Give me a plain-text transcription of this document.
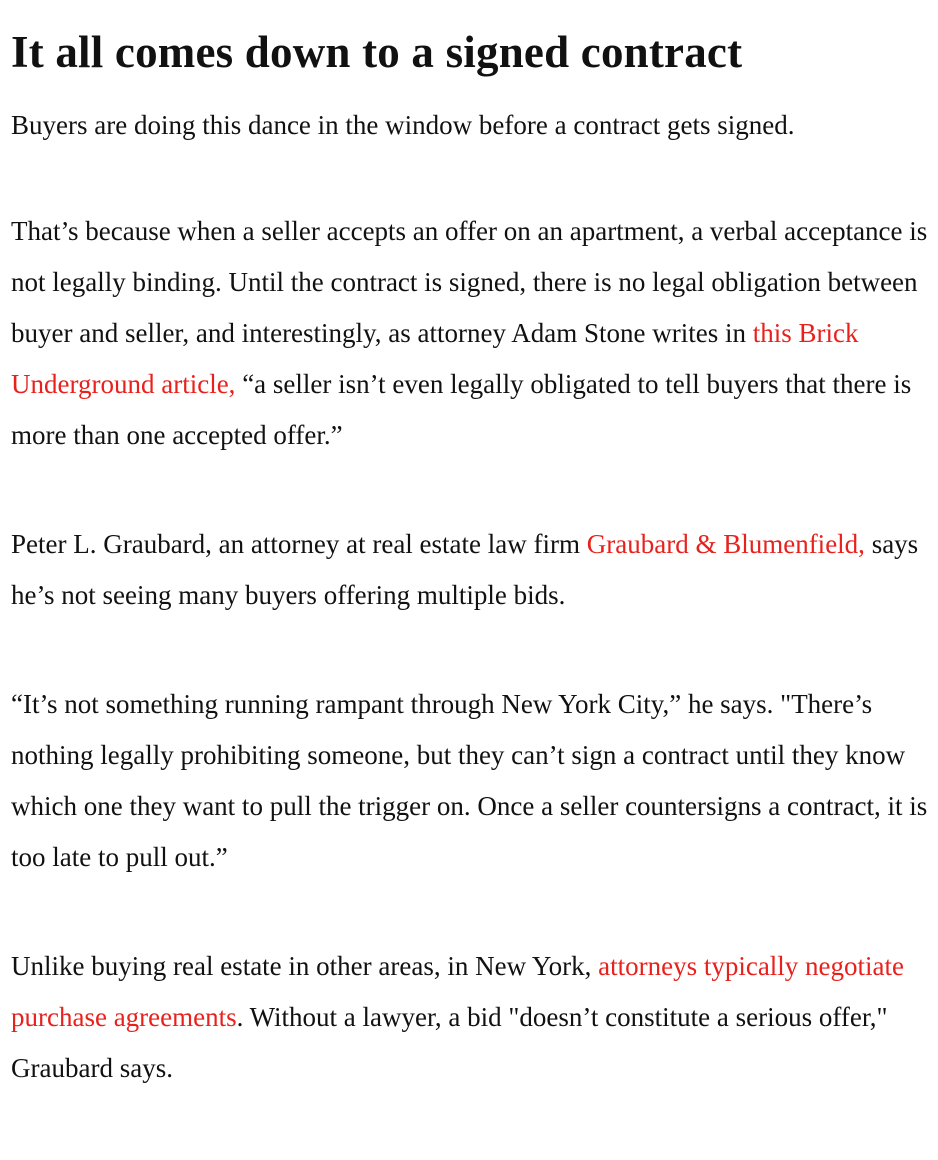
It all comes down to a signed contract

Buyers are doing this dance in the window before a contract gets signed.

That’s because when a seller accepts an offer on an apartment, a verbal acceptance is not legally binding. Until the contract is signed, there is no legal obligation between buyer and seller, and interestingly, as attorney Adam Stone writes in this Brick Underground article, “a seller isn’t even legally obligated to tell buyers that there is more than one accepted offer.”

Peter L. Graubard, an attorney at real estate law firm Graubard & Blumenfield, says he’s not seeing many buyers offering multiple bids.

“It’s not something running rampant through New York City,” he says. "There’s nothing legally prohibiting someone, but they can’t sign a contract until they know which one they want to pull the trigger on. Once a seller countersigns a contract, it is too late to pull out.”

Unlike buying real estate in other areas, in New York, attorneys typically negotiate purchase agreements. Without a lawyer, a bid "doesn’t constitute a serious offer," Graubard says.
